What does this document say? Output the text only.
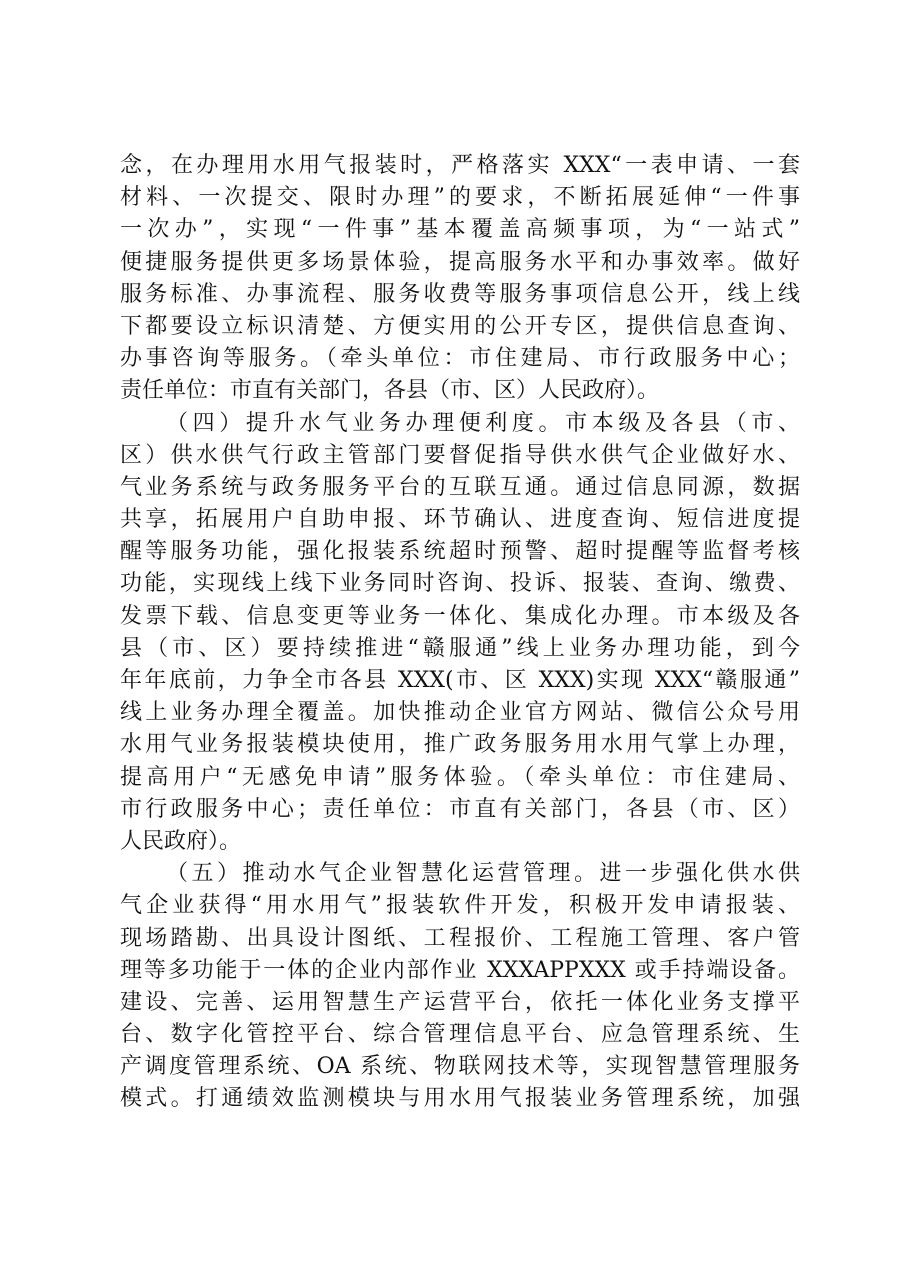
念，在办理用水用气报装时，严格落实 XXX“一表申请、一套
材料、一次提交、限时办理”的要求，不断拓展延伸“一件事
一次办”，实现“一件事”基本覆盖高频事项，为“一站式”
便捷服务提供更多场景体验，提高服务水平和办事效率。做好
服务标准、办事流程、服务收费等服务事项信息公开，线上线
下都要设立标识清楚、方便实用的公开专区，提供信息查询、
办事咨询等服务。（牵头单位：市住建局、市行政服务中心；
责任单位：市直有关部门，各县（市、区）人民政府）。
（四）提升水气业务办理便利度。市本级及各县（市、
区）供水供气行政主管部门要督促指导供水供气企业做好水、
气业务系统与政务服务平台的互联互通。通过信息同源，数据
共享，拓展用户自助申报、环节确认、进度查询、短信进度提
醒等服务功能，强化报装系统超时预警、超时提醒等监督考核
功能，实现线上线下业务同时咨询、投诉、报装、查询、缴费、
发票下载、信息变更等业务一体化、集成化办理。市本级及各
县（市、区）要持续推进“赣服通”线上业务办理功能，到今
年年底前，力争全市各县 XXX(市、区 XXX)实现 XXX“赣服通”
线上业务办理全覆盖。加快推动企业官方网站、微信公众号用
水用气业务报装模块使用，推广政务服务用水用气掌上办理，
提高用户“无感免申请”服务体验。（牵头单位：市住建局、
市行政服务中心；责任单位：市直有关部门，各县（市、区）
人民政府）。
（五）推动水气企业智慧化运营管理。进一步强化供水供
气企业获得“用水用气”报装软件开发，积极开发申请报装、
现场踏勘、出具设计图纸、工程报价、工程施工管理、客户管
理等多功能于一体的企业内部作业 XXXAPPXXX 或手持端设备。
建设、完善、运用智慧生产运营平台，依托一体化业务支撑平
台、数字化管控平台、综合管理信息平台、应急管理系统、生
产调度管理系统、OA 系统、物联网技术等，实现智慧管理服务
模式。打通绩效监测模块与用水用气报装业务管理系统，加强
